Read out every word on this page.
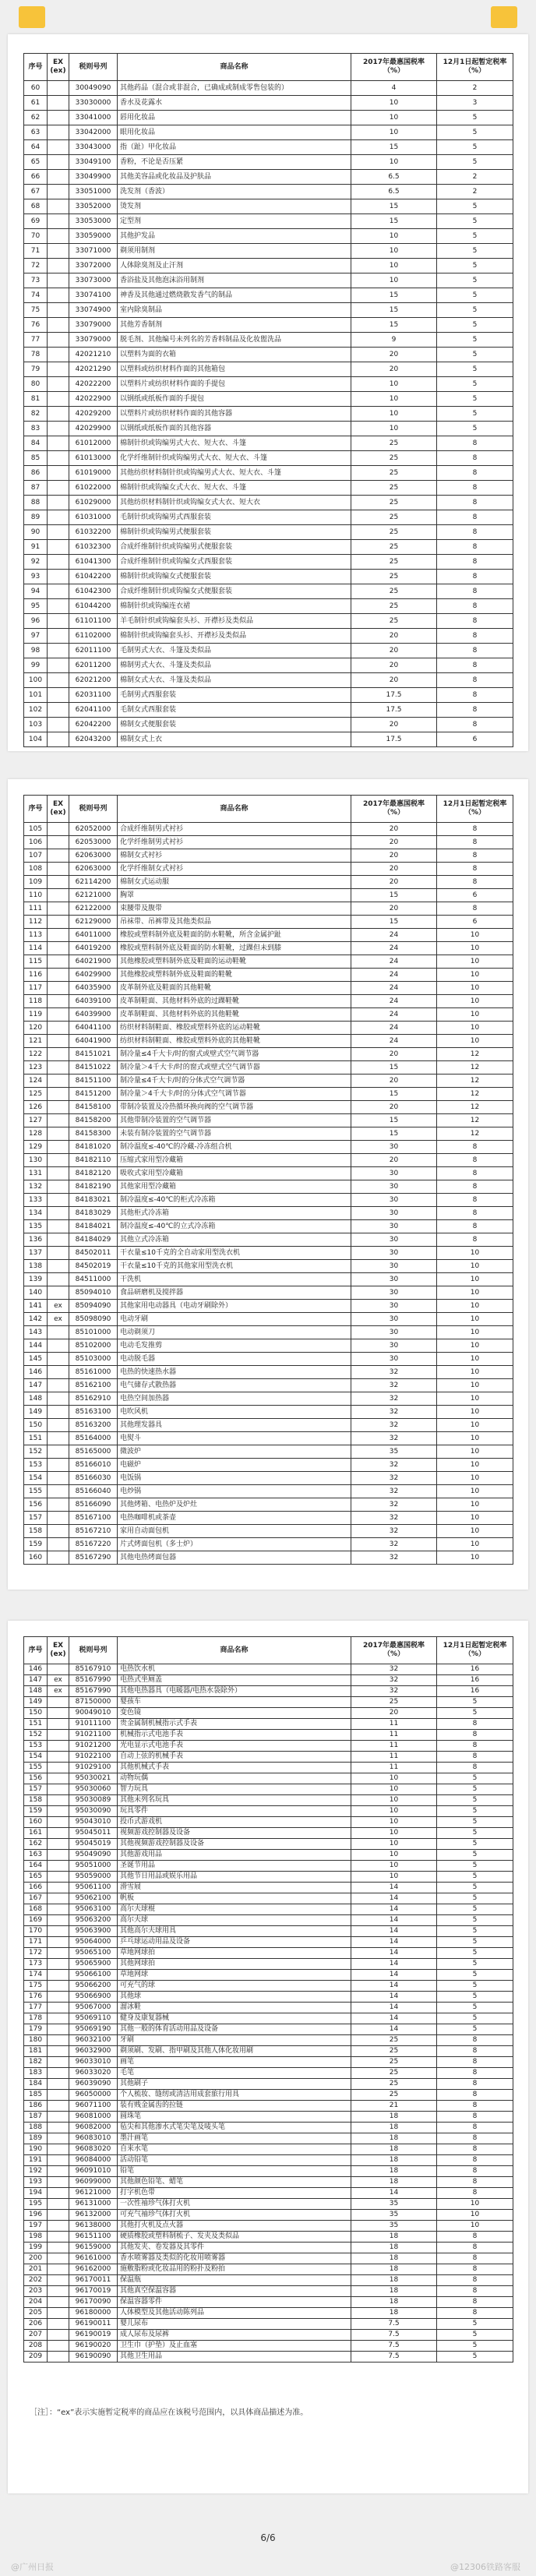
序号	EX
(ex)	税则号列	商品名称	2017年最惠国税率
（%）	12月1日起暂定税率
（%）
60		30049090	其他药品（混合或非混合，已确成或制成零售包装的）	4	2
61		33030000	香水及花露水	10	3
62		33041000	唇用化妆品	10	5
63		33042000	眼用化妆品	10	5
64		33043000	指（趾）甲化妆品	15	5
65		33049100	香粉，不论是否压紧	10	5
66		33049900	其他美容品或化妆品及护肤品	6.5	2
67		33051000	洗发剂（香波）	6.5	2
68		33052000	烫发剂	15	5
69		33053000	定型剂	15	5
70		33059000	其他护发品	10	5
71		33071000	剃须用制剂	10	5
72		33072000	人体除臭剂及止汗剂	10	5
73		33073000	香浴盐及其他泡沫浴用制剂	10	5
74		33074100	神香及其他通过燃烧散发香气的制品	15	5
75		33074900	室内除臭制品	15	5
76		33079000	其他芳香制剂	15	5
77		33079000	脱毛剂、其他编号未列名的芳香料制品及化妆盥洗品	9	5
78		42021210	以塑料为面的衣箱	20	5
79		42021290	以塑料或纺织材料作面的其他箱包	20	5
80		42022200	以塑料片或纺织材料作面的手提包	10	5
81		42022900	以钢纸或纸板作面的手提包	10	5
82		42029200	以塑料片或纺织材料作面的其他容器	10	5
83		42029900	以钢纸或纸板作面的其他容器	10	5
84		61012000	棉制针织或钩编男式大衣、短大衣、斗篷	25	8
85		61013000	化学纤维制针织或钩编男式大衣、短大衣、斗篷	25	8
86		61019000	其他纺织材料制针织或钩编男式大衣、短大衣、斗篷	25	8
87		61022000	棉制针织或钩编女式大衣、短大衣、斗篷	25	8
88		61029000	其他纺织材料制针织或钩编女式大衣、短大衣	25	8
89		61031000	毛制针织或钩编男式西服套装	25	8
90		61032200	棉制针织或钩编男式便服套装	25	8
91		61032300	合成纤维制针织或钩编男式便服套装	25	8
92		61041300	合成纤维制针织或钩编女式西服套装	25	8
93		61042200	棉制针织或钩编女式便服套装	25	8
94		61042300	合成纤维制针织或钩编女式便服套装	25	8
95		61044200	棉制针织或钩编连衣裙	25	8
96		61101100	羊毛制针织或钩编套头衫、开襟衫及类似品	25	8
97		61102000	棉制针织或钩编套头衫、开襟衫及类似品	20	8
98		62011100	毛制男式大衣、斗篷及类似品	20	8
99		62011200	棉制男式大衣、斗篷及类似品	20	8
100		62021200	棉制女式大衣、斗篷及类似品	20	8
101		62031100	毛制男式西服套装	17.5	8
102		62041100	毛制女式西服套装	17.5	8
103		62042200	棉制女式便服套装	20	8
104		62043200	棉制女式上衣	17.5	6
序号	EX
(ex)	税则号列	商品名称	2017年最惠国税率
（%）	12月1日起暂定税率
（%）
105		62052000	合成纤维制男式衬衫	20	8
106		62053000	化学纤维制男式衬衫	20	8
107		62063000	棉制女式衬衫	20	8
108		62063000	化学纤维制女式衬衫	20	8
109		62114200	棉制女式运动服	20	8
110		62121000	胸罩	15	6
111		62122000	束腰带及腹带	20	8
112		62129000	吊袜带、吊裤带及其他类似品	15	6
113		64011000	橡胶或塑料制外底及鞋面的防水鞋靴，所含金属护趾	24	10
114		64019200	橡胶或塑料制外底及鞋面的防水鞋靴，过踝但未到膝	24	10
115		64021900	其他橡胶或塑料制外底及鞋面的运动鞋靴	24	10
116		64029900	其他橡胶或塑料制外底及鞋面的鞋靴	24	10
117		64035900	皮革制外底及鞋面的其他鞋靴	24	10
118		64039100	皮革制鞋面、其他材料外底的过踝鞋靴	24	10
119		64039900	皮革制鞋面、其他材料外底的其他鞋靴	24	10
120		64041100	纺织材料制鞋面、橡胶或塑料外底的运动鞋靴	24	10
121		64041900	纺织材料制鞋面、橡胶或塑料外底的其他鞋靴	24	10
122		84151021	制冷量≤4千大卡/时的窗式或壁式空气调节器	20	12
123		84151022	制冷量＞4千大卡/时的窗式或壁式空气调节器	15	12
124		84151100	制冷量≤4千大卡/时的分体式空气调节器	20	12
125		84151200	制冷量＞4千大卡/时的分体式空气调节器	15	12
126		84158100	带制冷装置及冷热循环换向阀的空气调节器	20	12
127		84158200	其他带制冷装置的空气调节器	15	12
128		84158300	未装有制冷装置的空气调节器	15	12
129		84181020	制冷温度≤-40℃的冷藏-冷冻组合机	30	8
130		84182110	压缩式家用型冷藏箱	20	8
131		84182120	吸收式家用型冷藏箱	30	8
132		84182190	其他家用型冷藏箱	30	8
133		84183021	制冷温度≤-40℃的柜式冷冻箱	30	8
134		84183029	其他柜式冷冻箱	30	8
135		84184021	制冷温度≤-40℃的立式冷冻箱	30	8
136		84184029	其他立式冷冻箱	30	8
137		84502011	干衣量≤10千克的全自动家用型洗衣机	30	10
138		84502019	干衣量≤10千克的其他家用型洗衣机	30	10
139		84511000	干洗机	30	10
140		85094010	食品研磨机及搅拌器	30	10
141	ex	85094090	其他家用电动器具（电动牙刷除外）	30	10
142	ex	85098090	电动牙刷	30	10
143		85101000	电动剃须刀	30	10
144		85102000	电动毛发推剪	30	10
145		85103000	电动脱毛器	30	10
146		85161000	电热的快速热水器	32	10
147		85162100	电气储存式散热器	32	10
148		85162910	电热空间加热器	32	10
149		85163100	电吹风机	32	10
150		85163200	其他理发器具	32	10
151		85164000	电熨斗	32	10
152		85165000	微波炉	35	10
153		85166010	电磁炉	32	10
154		85166030	电饭锅	32	10
155		85166040	电炒锅	32	10
156		85166090	其他烤箱、电热炉及炉灶	32	10
157		85167100	电热咖啡机或茶壶	32	10
158		85167210	家用自动面包机	32	10
159		85167220	片式烤面包机（多士炉）	32	10
160		85167290	其他电热烤面包器	32	10
序号	EX
(ex)	税则号列	商品名称	2017年最惠国税率
（%）	12月1日起暂定税率
（%）
146		85167910	电热饮水机	32	16
147	ex	85167990	电热式坐厕盖	32	16
148	ex	85167990	其他电热器具（电暖器/电热水袋除外）	32	16
149		87150000	婴孩车	25	5
150		90049010	变色镜	20	5
151		91011100	贵金属制机械指示式手表	11	8
152		91021100	机械指示式电池手表	11	8
153		91021200	光电显示式电池手表	11	8
154		91022100	自动上弦的机械手表	11	8
155		91029100	其他机械式手表	11	8
156		95030021	动物玩偶	10	5
157		95030060	智力玩具	10	5
158		95030089	其他未列名玩具	10	5
159		95030090	玩具零件	10	5
160		95043010	投币式游戏机	10	5
161		95045011	视频游戏控制器及设备	10	5
162		95045019	其他视频游戏控制器及设备	10	5
163		95049090	其他游戏用品	10	5
164		95051000	圣诞节用品	10	5
165		95059000	其他节日用品或娱乐用品	10	5
166		95061100	滑雪屐	14	5
167		95062100	帆板	14	5
168		95063100	高尔夫球棍	14	5
169		95063200	高尔夫球	14	5
170		95063900	其他高尔夫球用具	14	5
171		95064000	乒乓球运动用品及设备	14	5
172		95065100	草地网球拍	14	5
173		95065900	其他网球拍	14	5
174		95066100	草地网球	14	5
175		95066200	可充气的球	14	5
176		95066900	其他球	14	5
177		95067000	溜冰鞋	14	5
178		95069110	健身及康复器械	14	5
179		95069190	其他一般的体育活动用品及设备	14	5
180		96032100	牙刷	25	8
181		96032900	剃须刷、发刷、指甲刷及其他人体化妆用刷	25	8
182		96033010	画笔	25	8
183		96033020	毛笔	25	8
184		96039090	其他刷子	25	8
185		96050000	个人梳妆、缝纫或清洁用成套旅行用具	25	8
186		96071100	装有贱金属齿的拉链	21	8
187		96081000	圆珠笔	18	8
188		96082000	毡尖和其他渗水式笔尖笔及唛头笔	18	8
189		96083010	墨汁画笔	18	8
190		96083020	自来水笔	18	8
191		96084000	活动铅笔	18	8
192		96091010	铅笔	18	8
193		96099000	其他颜色铅笔、蜡笔	18	8
194		96121000	打字机色带	14	8
195		96131000	一次性袖珍气体打火机	35	10
196		96132000	可充气袖珍气体打火机	35	10
197		96138000	其他打火机及点火器	35	10
198		96151100	硬质橡胶或塑料制梳子、发夹及类似品	18	8
199		96159000	其他发夹、卷发器及其零件	18	8
200		96161000	香水喷雾器及类似的化妆用喷雾器	18	8
201		96162000	施敷脂粉或化妆品用的粉扑及粉拍	18	8
202		96170011	保温瓶	18	8
203		96170019	其他真空保温容器	18	8
204		96170090	保温容器零件	18	8
205		96180000	人体模型及其他活动陈列品	18	8
206		96190011	婴儿尿布	7.5	5
207		96190019	成人尿布及尿裤	7.5	5
208		96190020	卫生巾（护垫）及止血塞	7.5	5
209		96190090	其他卫生用品	7.5	5
［注］：“ex”表示实施暂定税率的商品应在该税号范围内，以具体商品描述为准。
6/6
@广州日报	@12306铁路客服
